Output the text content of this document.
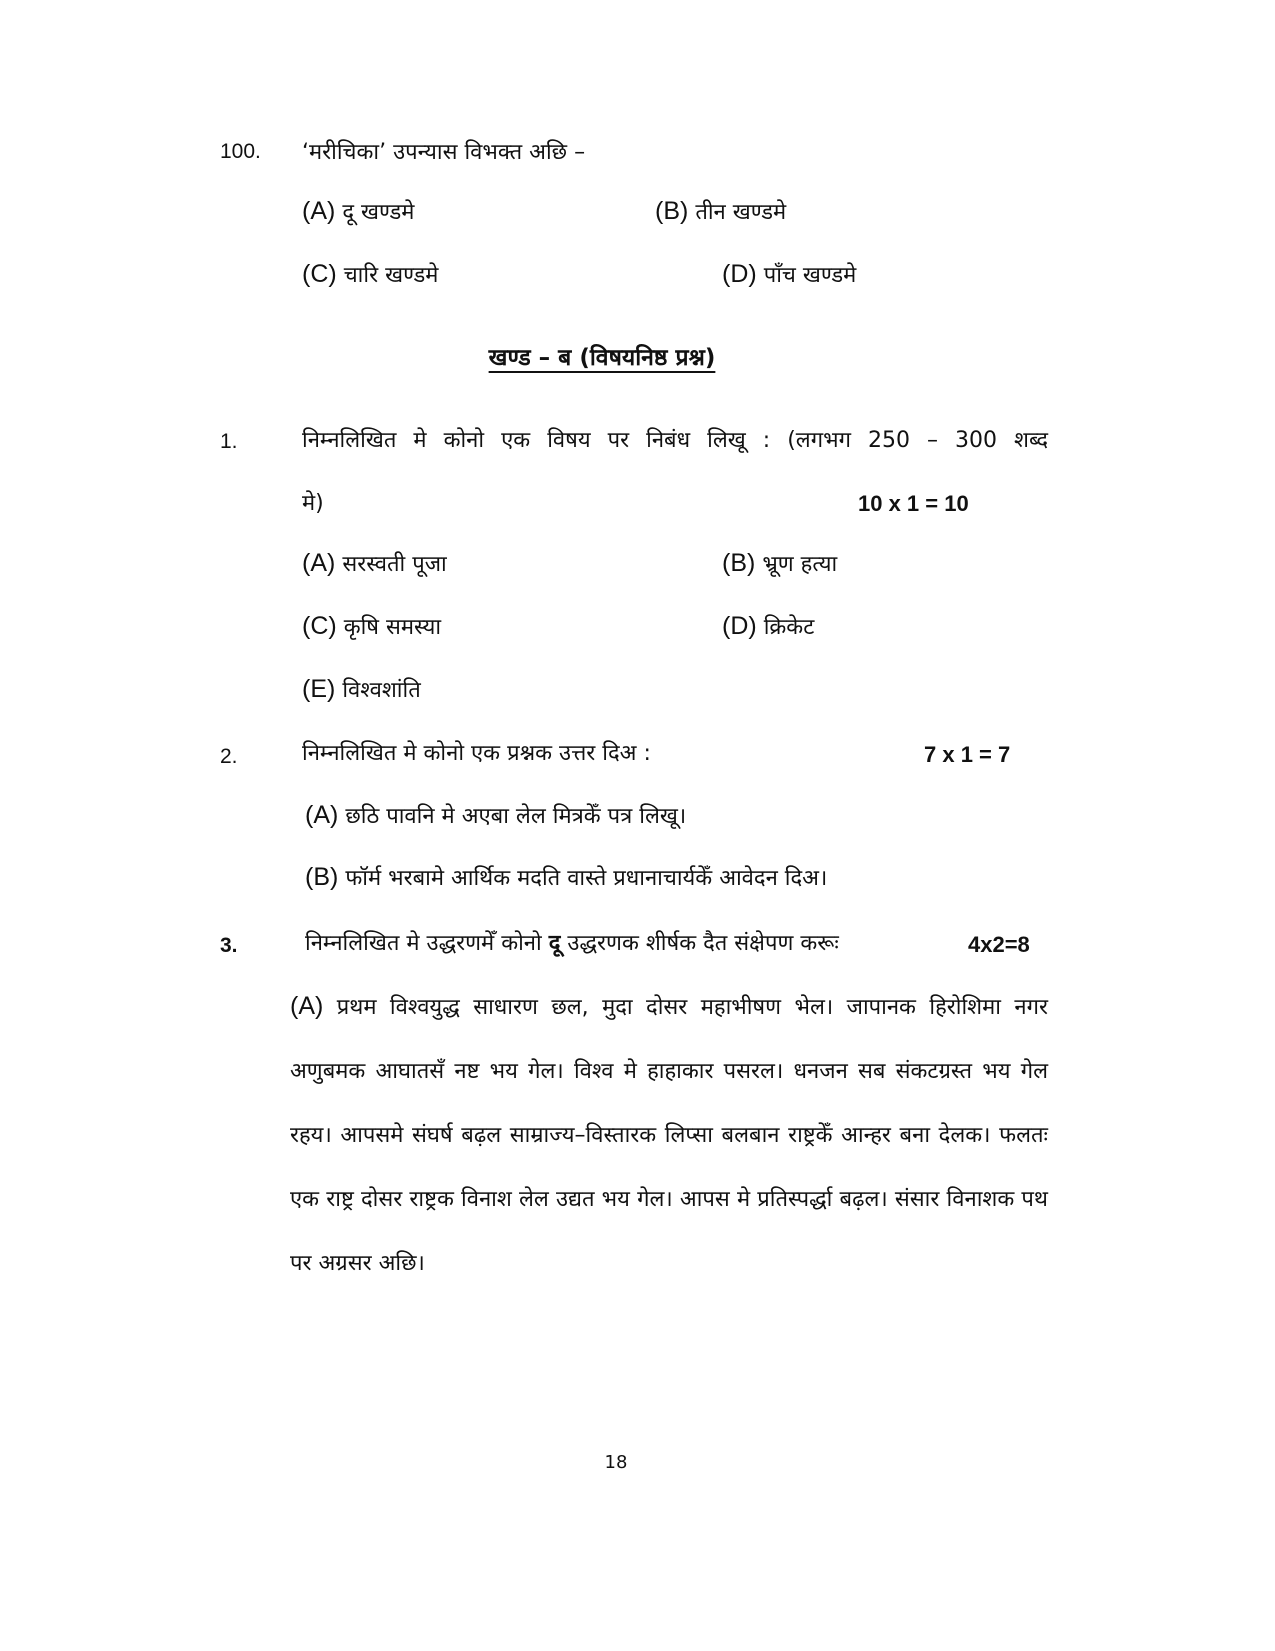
100. ‘मरीचिका’ उपन्यास विभक्त अछि –
(A) दू खण्डमे	(B) तीन खण्डमे
(C) चारि खण्डमे	(D) पाँच खण्डमे
खण्ड – ब (विषयनिष्ठ प्रश्न)
1.	निम्नलिखित मे कोनो एक विषय पर निबंध लिखू : (लगभग 250 – 300 शब्द
मे)	10 x 1 = 10
(A) सरस्वती पूजा	(B) भ्रूण हत्या
(C) कृषि समस्या	(D) क्रिकेट
(E) विश्वशांति
2.	निम्नलिखित मे कोनो एक प्रश्नक उत्तर दिअ :	7 x 1 = 7
(A) छठि पावनि मे अएबा लेल मित्रकेँ पत्र लिखू।
(B) फॉर्म भरबामे आर्थिक मदति वास्ते प्रधानाचार्यकेँ आवेदन दिअ।
3.	निम्नलिखित मे उद्धरणमेँ कोनो दू उद्धरणक शीर्षक दैत संक्षेपण करूः	4x2=8
(A) प्रथम विश्वयुद्ध साधारण छल, मुदा दोसर महाभीषण भेल। जापानक हिरोशिमा नगर अणुबमक आघातसँ नष्ट भय गेल। विश्व मे हाहाकार पसरल। धनजन सब संकटग्रस्त भय गेल रहय। आपसमे संघर्ष बढ़ल साम्राज्य–विस्तारक लिप्सा बलबान राष्ट्रकेँ आन्हर बना देलक। फलतः एक राष्ट्र दोसर राष्ट्रक विनाश लेल उद्यत भय गेल। आपस मे प्रतिस्पर्द्धा बढ़ल। संसार विनाशक पथ पर अग्रसर अछि।
18
